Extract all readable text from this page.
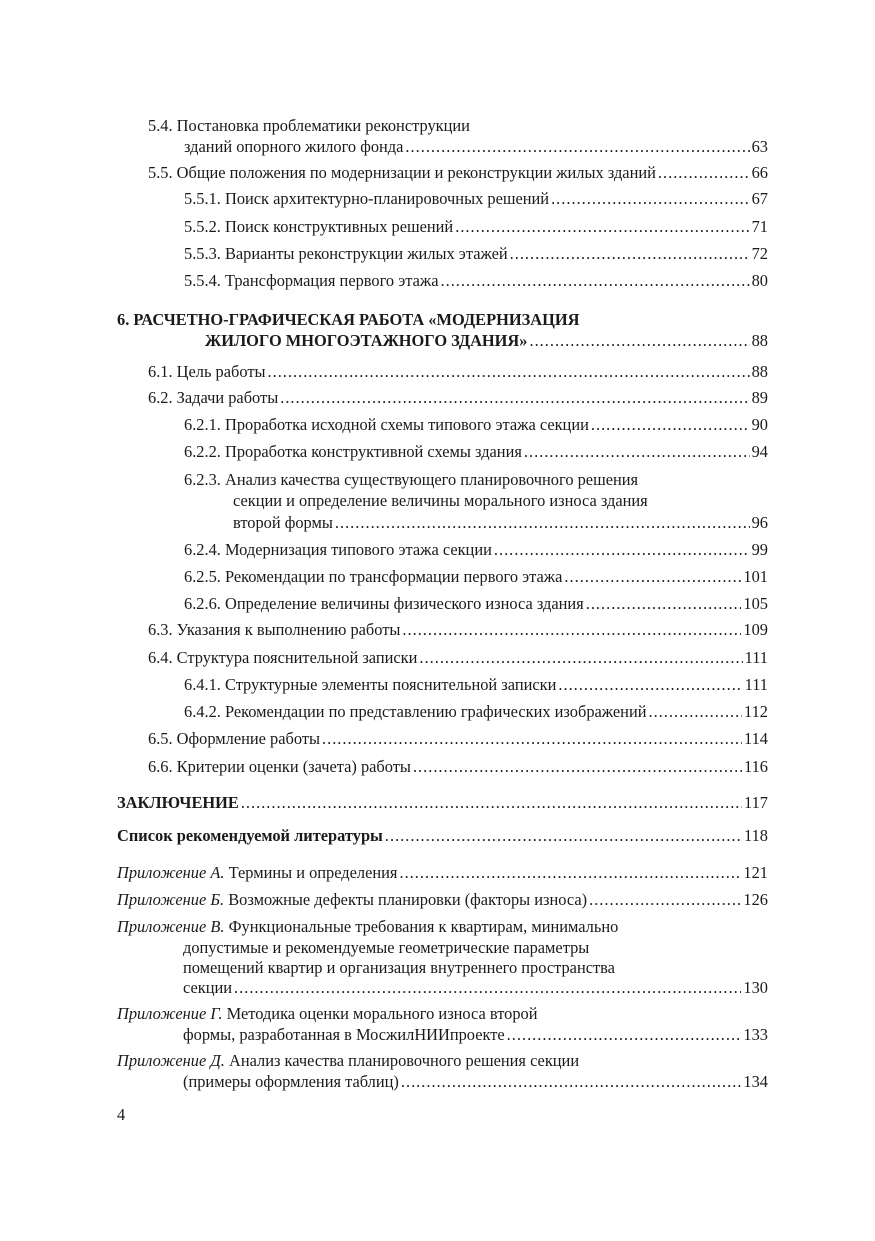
5.4. Постановка проблематики реконструкции
зданий опорного жилого фонда .....	63
5.5. Общие положения по модернизации и реконструкции жилых зданий .....	66
5.5.1. Поиск архитектурно-планировочных решений .....	67
5.5.2. Поиск конструктивных решений .....	71
5.5.3. Варианты реконструкции жилых этажей .....	72
5.5.4. Трансформация первого этажа .....	80
6. РАСЧЕТНО-ГРАФИЧЕСКАЯ РАБОТА «МОДЕРНИЗАЦИЯ
ЖИЛОГО МНОГОЭТАЖНОГО ЗДАНИЯ» .....	88
6.1. Цель работы .....	88
6.2. Задачи работы .....	89
6.2.1. Проработка исходной схемы типового этажа секции .....	90
6.2.2. Проработка конструктивной схемы здания .....	94
6.2.3. Анализ качества существующего планировочного решения
секции и определение величины морального износа здания
второй формы .....	96
6.2.4. Модернизация типового этажа секции .....	99
6.2.5. Рекомендации по трансформации первого этажа .....	101
6.2.6. Определение величины физического износа здания .....	105
6.3. Указания к выполнению работы .....	109
6.4. Структура пояснительной записки .....	111
6.4.1. Структурные элементы пояснительной записки .....	111
6.4.2. Рекомендации по представлению графических изображений .....	112
6.5. Оформление работы .....	114
6.6. Критерии оценки (зачета) работы .....	116
ЗАКЛЮЧЕНИЕ .....	117
Список рекомендуемой литературы .....	118
Приложение А. Термины и определения .....	121
Приложение Б. Возможные дефекты планировки (факторы износа) .....	126
Приложение В. Функциональные требования к квартирам, минимально
допустимые и рекомендуемые геометрические параметры
помещений квартир и организация внутреннего пространства
секции .....	130
Приложение Г. Методика оценки морального износа второй
формы, разработанная в МосжилНИИпроекте .....	133
Приложение Д. Анализ качества планировочного решения секции
(примеры оформления таблиц) .....	134
4
